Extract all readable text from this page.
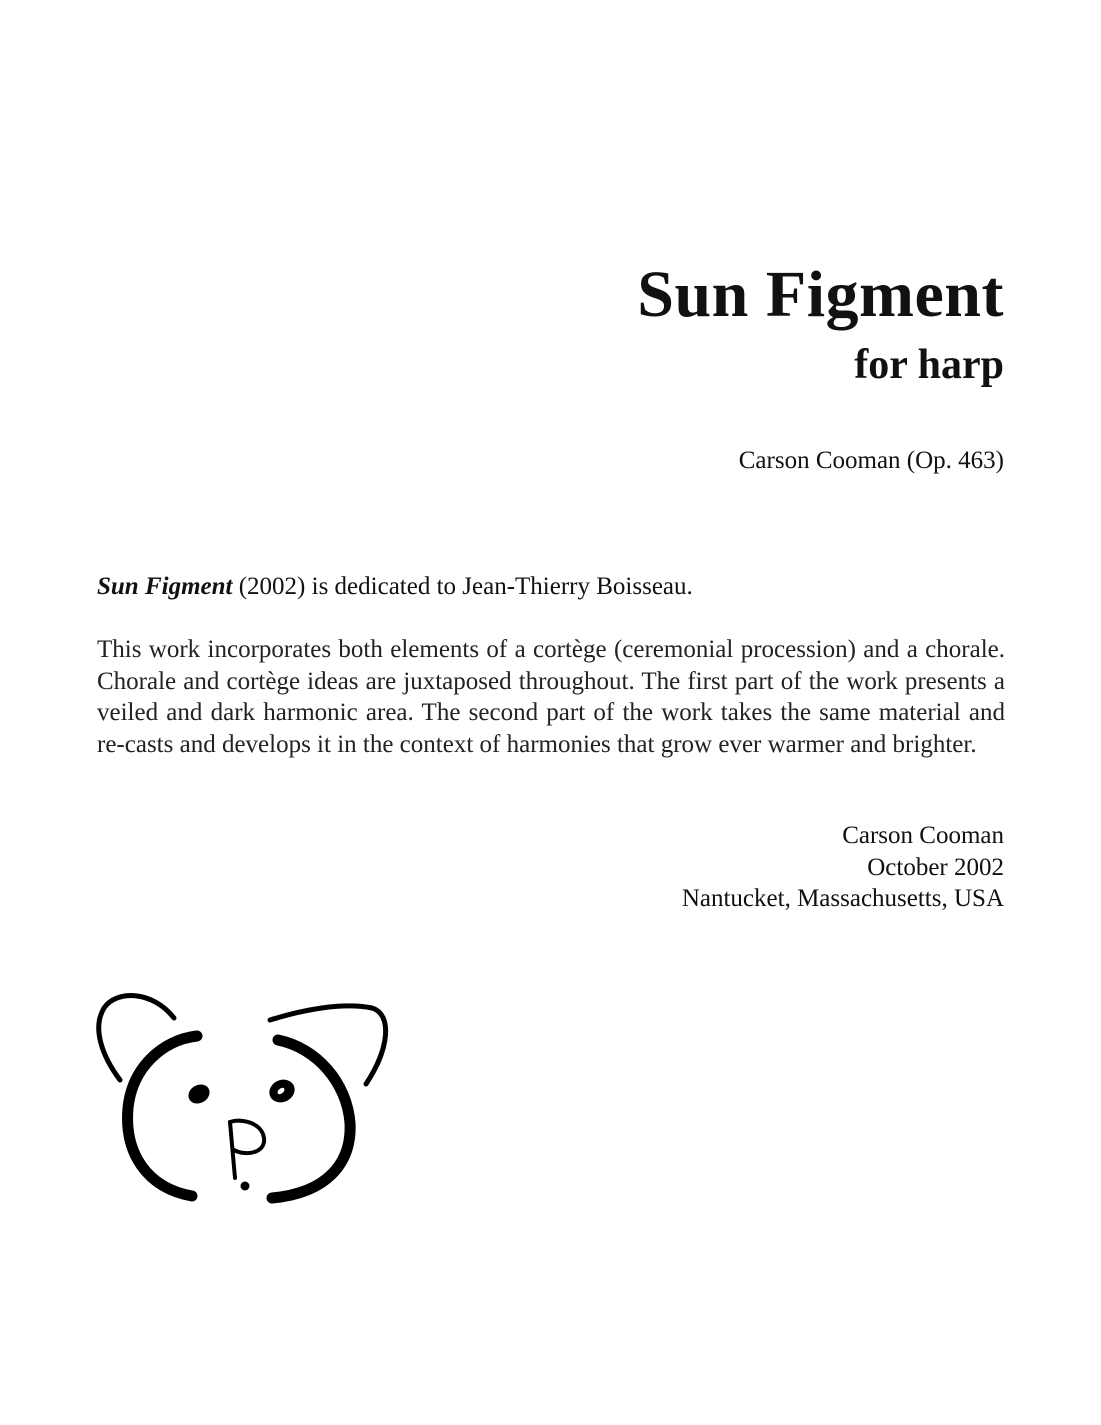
Sun Figment
for harp
Carson Cooman (Op. 463)

Sun Figment (2002) is dedicated to Jean-Thierry Boisseau.

This work incorporates both elements of a cortège (ceremonial procession) and a chorale. Chorale and cortège ideas are juxtaposed throughout. The first part of the work presents a veiled and dark harmonic area. The second part of the work takes the same material and re-casts and develops it in the context of harmonies that grow ever warmer and brighter.

Carson Cooman
October 2002
Nantucket, Massachusetts, USA
